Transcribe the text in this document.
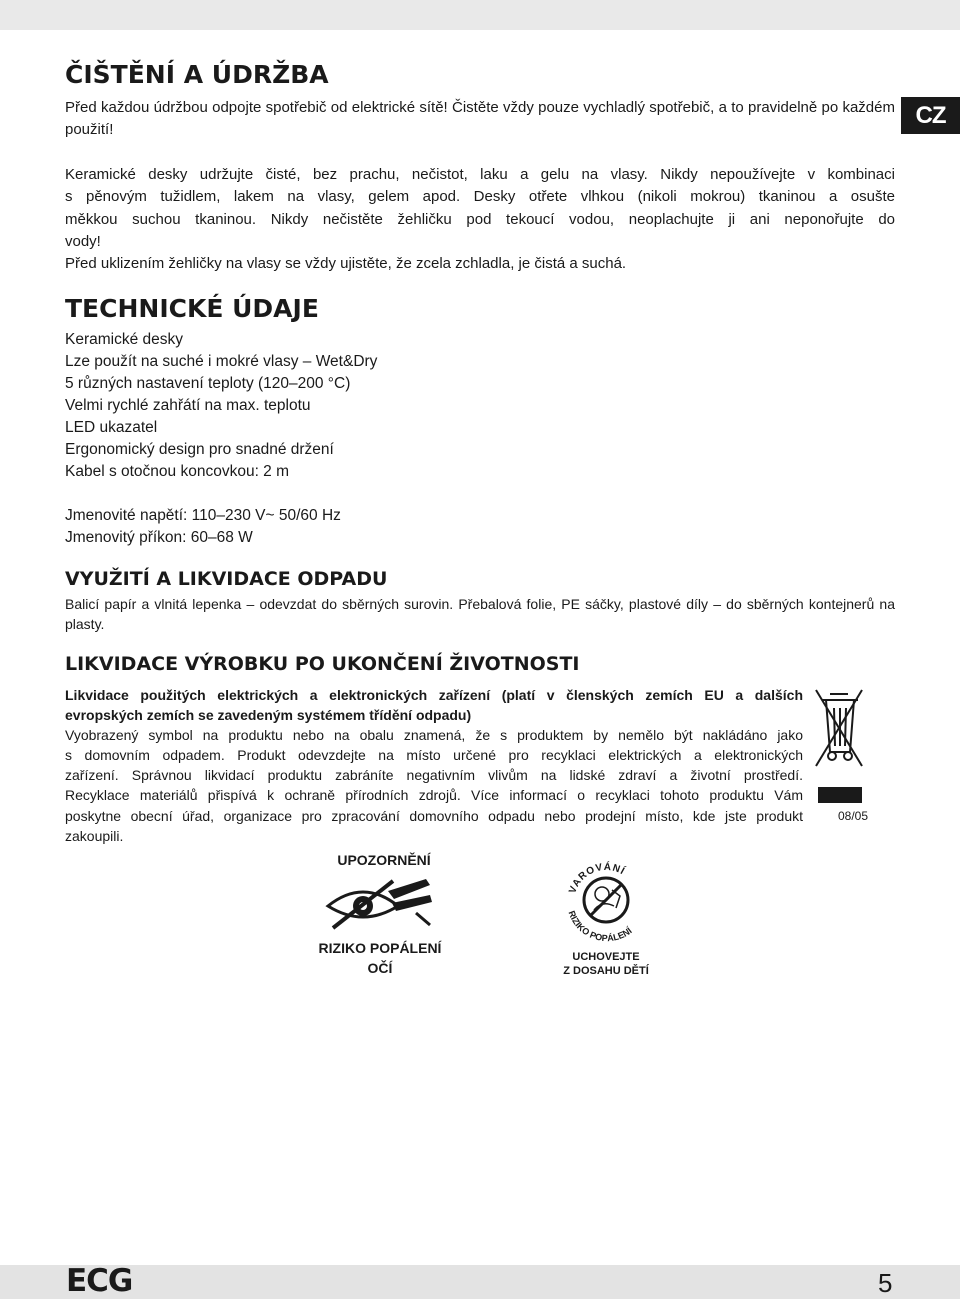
CZ
ČIŠTĚNÍ A ÚDRŽBA

Před každou údržbou odpojte spotřebič od elektrické sítě! Čistěte vždy pouze vychladlý spotřebič, a to pravidelně po každém použití!

Keramické desky udržujte čisté, bez prachu, nečistot, laku a gelu na vlasy. Nikdy nepoužívejte v kombinaci
s pěnovým tužidlem, lakem na vlasy, gelem apod. Desky otřete vlhkou (nikoli mokrou) tkaninou a osušte
měkkou suchou tkaninou. Nikdy nečistěte žehličku pod tekoucí vodou, neoplachujte ji ani neponořujte do
vody!
Před uklizením žehličky na vlasy se vždy ujistěte, že zcela zchladla, je čistá a suchá.
TECHNICKÉ ÚDAJE
Keramické desky
Lze použít na suché i mokré vlasy – Wet&Dry
5 různých nastavení teploty (120–200 °C)
Velmi rychlé zahřátí na max. teplotu
LED ukazatel
Ergonomický design pro snadné držení
Kabel s otočnou koncovkou: 2 m
Jmenovité napětí: 110–230 V~ 50/60 Hz
Jmenovitý příkon: 60–68 W
VYUŽITÍ A LIKVIDACE ODPADU

Balicí papír a vlnitá lepenka – odevzdat do sběrných surovin. Přebalová folie, PE sáčky, plastové díly – do sběrných kontejnerů na plasty.

LIKVIDACE VÝROBKU PO UKONČENÍ ŽIVOTNOSTI
Likvidace použitých elektrických a elektronických zařízení (platí v členských zemích EU a dalších
evropských zemích se zavedeným systémem třídění odpadu)
Vyobrazený symbol na produktu nebo na obalu znamená, že s produktem by nemělo být nakládáno jako
s domovním odpadem. Produkt odevzdejte na místo určené pro recyklaci elektrických a elektronických
zařízení. Správnou likvidací produktu zabráníte negativním vlivům na lidské zdraví a životní prostředí.
Recyklace materiálů přispívá k ochraně přírodních zdrojů. Více informací o recyklaci tohoto produktu Vám
poskytne obecní úřad, organizace pro zpracování domovního odpadu nebo prodejní místo, kde jste produkt
zakoupili.
08/05
UPOZORNĚNÍ
RIZIKO POPÁLENÍ
OČÍ
VAROVÁNÍ
RIZIKO POPÁLENÍ
UCHOVEJTE
Z DOSAHU DĚTÍ
ECG	5
